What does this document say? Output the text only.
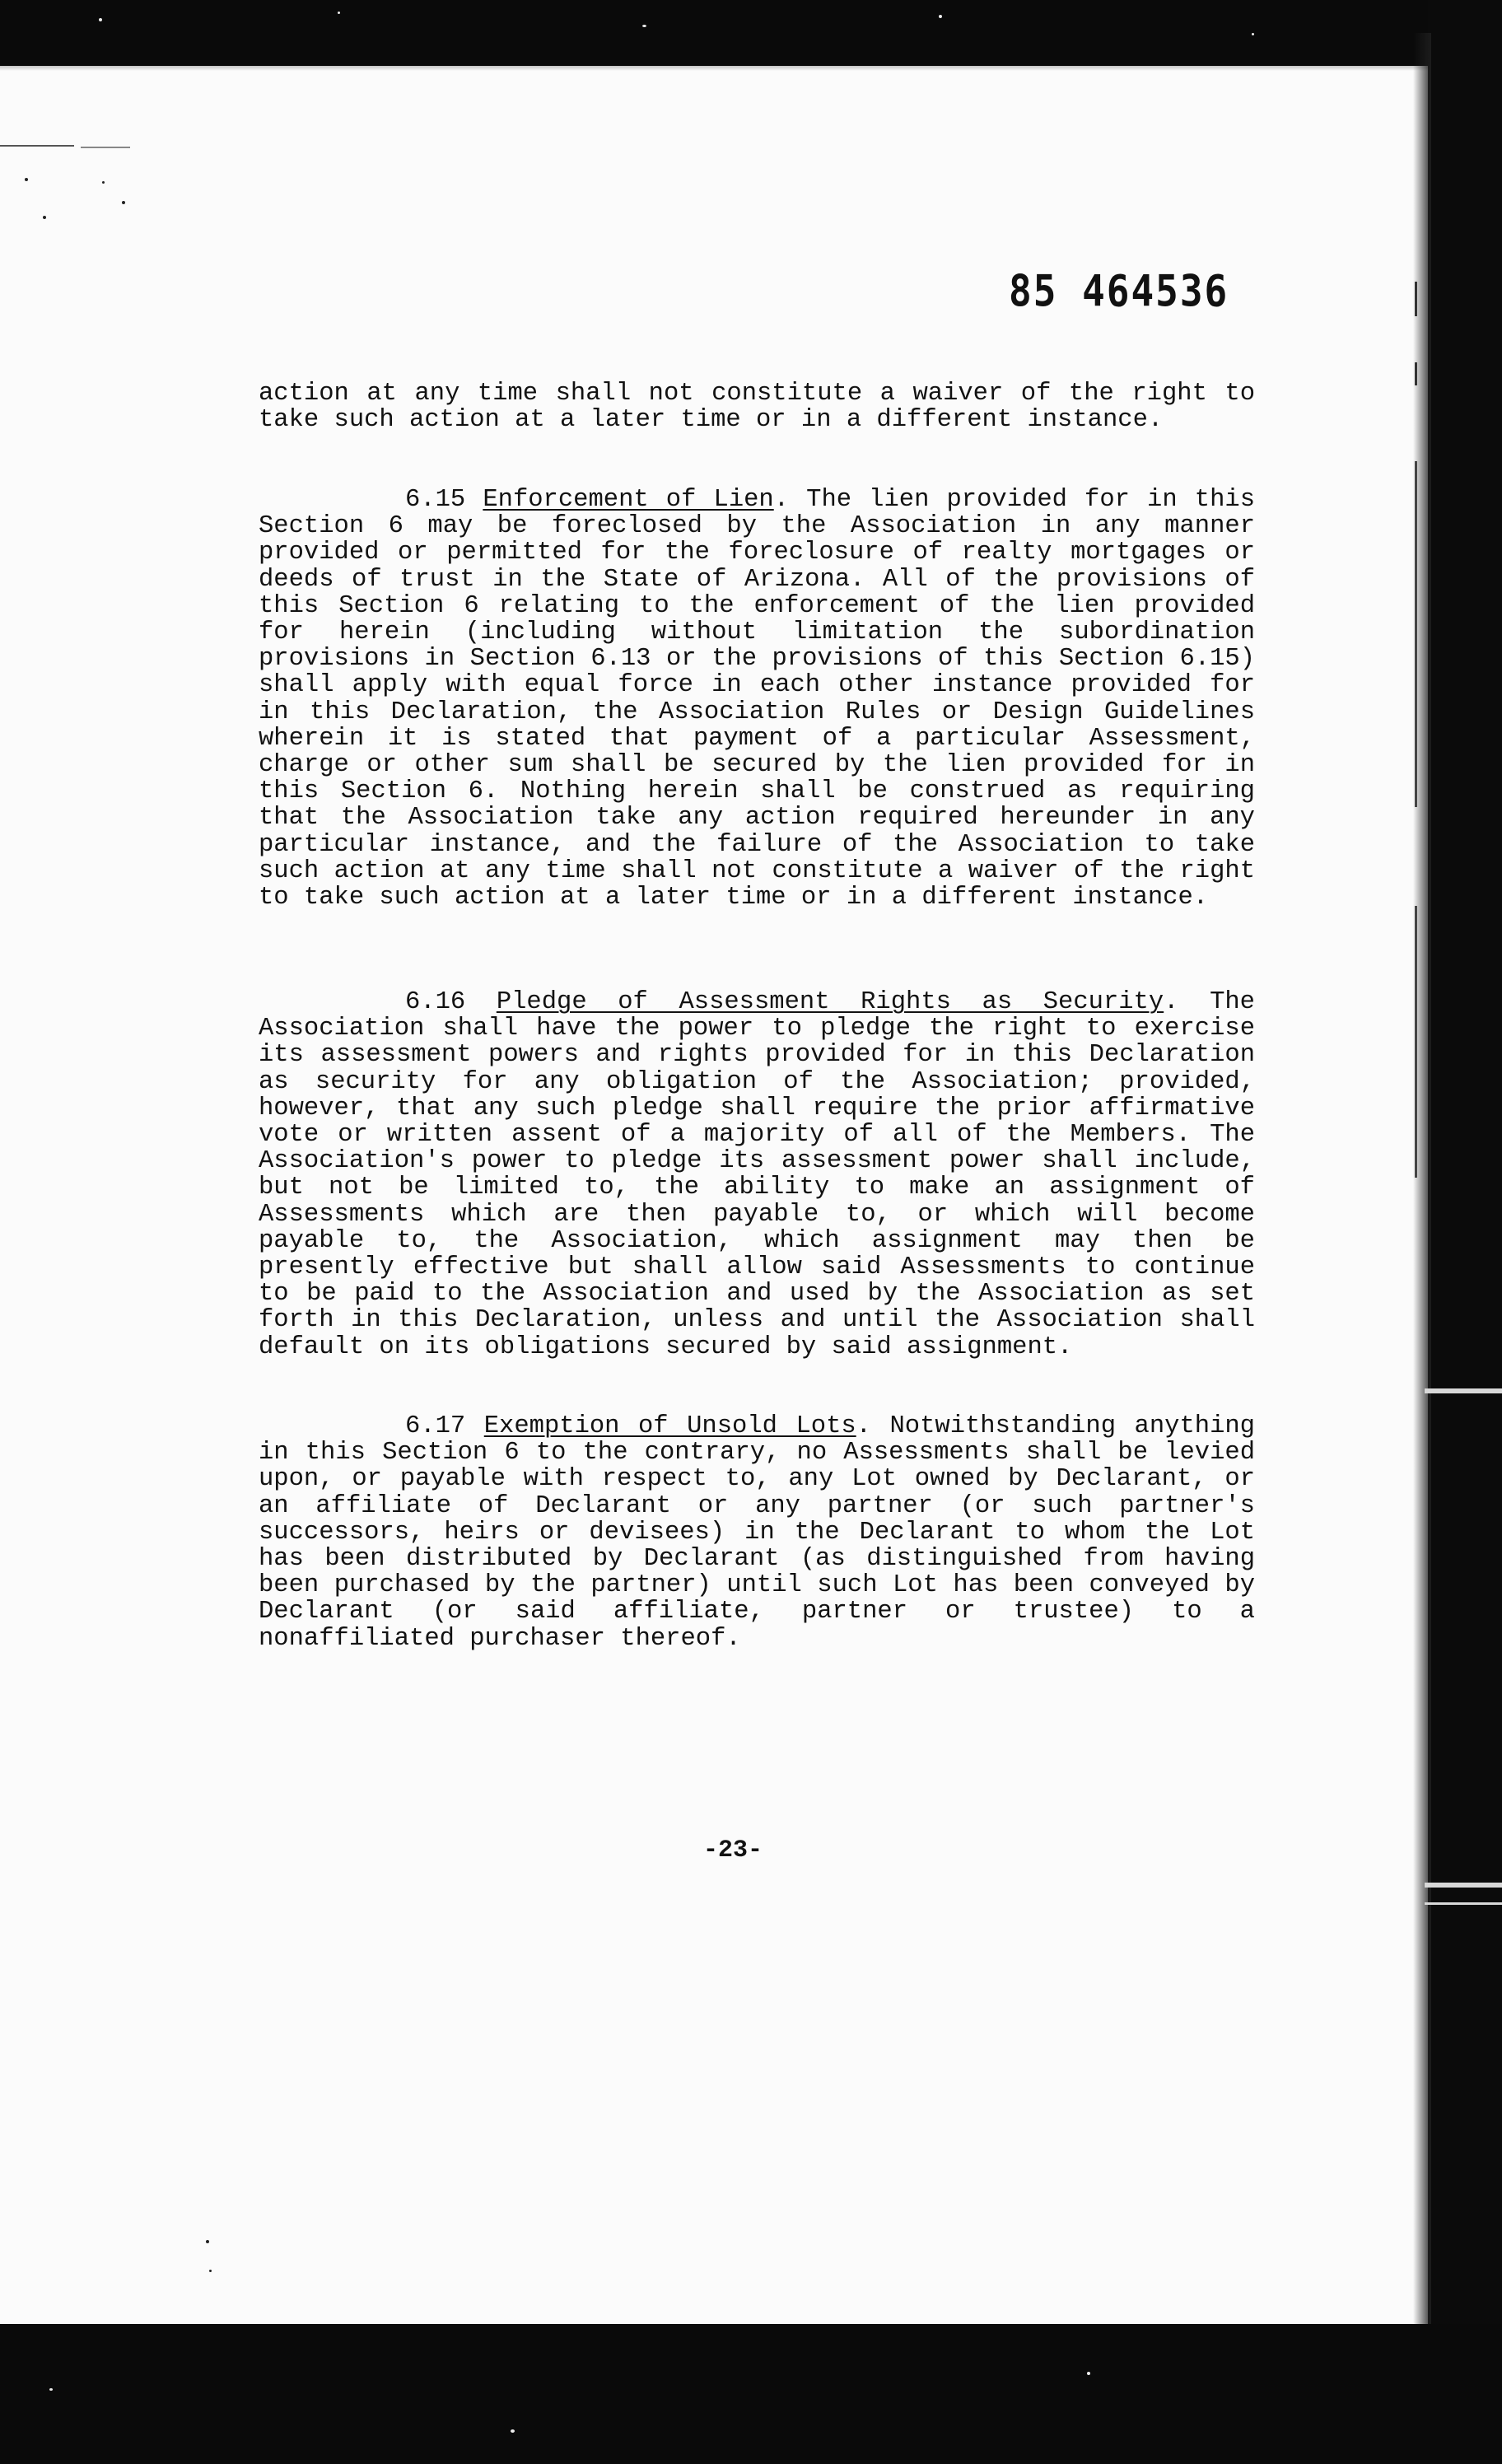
85 464536

action at any time shall not constitute a waiver of the right to take such action at a later time or in a different instance.

6.15 Enforcement of Lien. The lien provided for in this Section 6 may be foreclosed by the Association in any manner provided or permitted for the foreclosure of realty mortgages or deeds of trust in the State of Arizona. All of the provisions of this Section 6 relating to the enforcement of the lien provided for herein (including without limitation the subordination provisions in Section 6.13 or the provisions of this Section 6.15) shall apply with equal force in each other instance provided for in this Declaration, the Association Rules or Design Guidelines wherein it is stated that payment of a particular Assessment, charge or other sum shall be secured by the lien provided for in this Section 6. Nothing herein shall be construed as requiring that the Association take any action required hereunder in any particular instance, and the failure of the Association to take such action at any time shall not constitute a waiver of the right to take such action at a later time or in a different instance.

6.16 Pledge of Assessment Rights as Security. The Association shall have the power to pledge the right to exercise its assessment powers and rights provided for in this Declaration as security for any obligation of the Association; provided, however, that any such pledge shall require the prior affirmative vote or written assent of a majority of all of the Members. The Association's power to pledge its assessment power shall include, but not be limited to, the ability to make an assignment of Assessments which are then payable to, or which will become payable to, the Association, which assignment may then be presently effective but shall allow said Assessments to continue to be paid to the Association and used by the Association as set forth in this Declaration, unless and until the Association shall default on its obligations secured by said assignment.

6.17 Exemption of Unsold Lots. Notwithstanding anything in this Section 6 to the contrary, no Assessments shall be levied upon, or payable with respect to, any Lot owned by Declarant, or an affiliate of Declarant or any partner (or such partner's successors, heirs or devisees) in the Declarant to whom the Lot has been distributed by Declarant (as distinguished from having been purchased by the partner) until such Lot has been conveyed by Declarant (or said affiliate, partner or trustee) to a nonaffiliated purchaser thereof.

-23-
